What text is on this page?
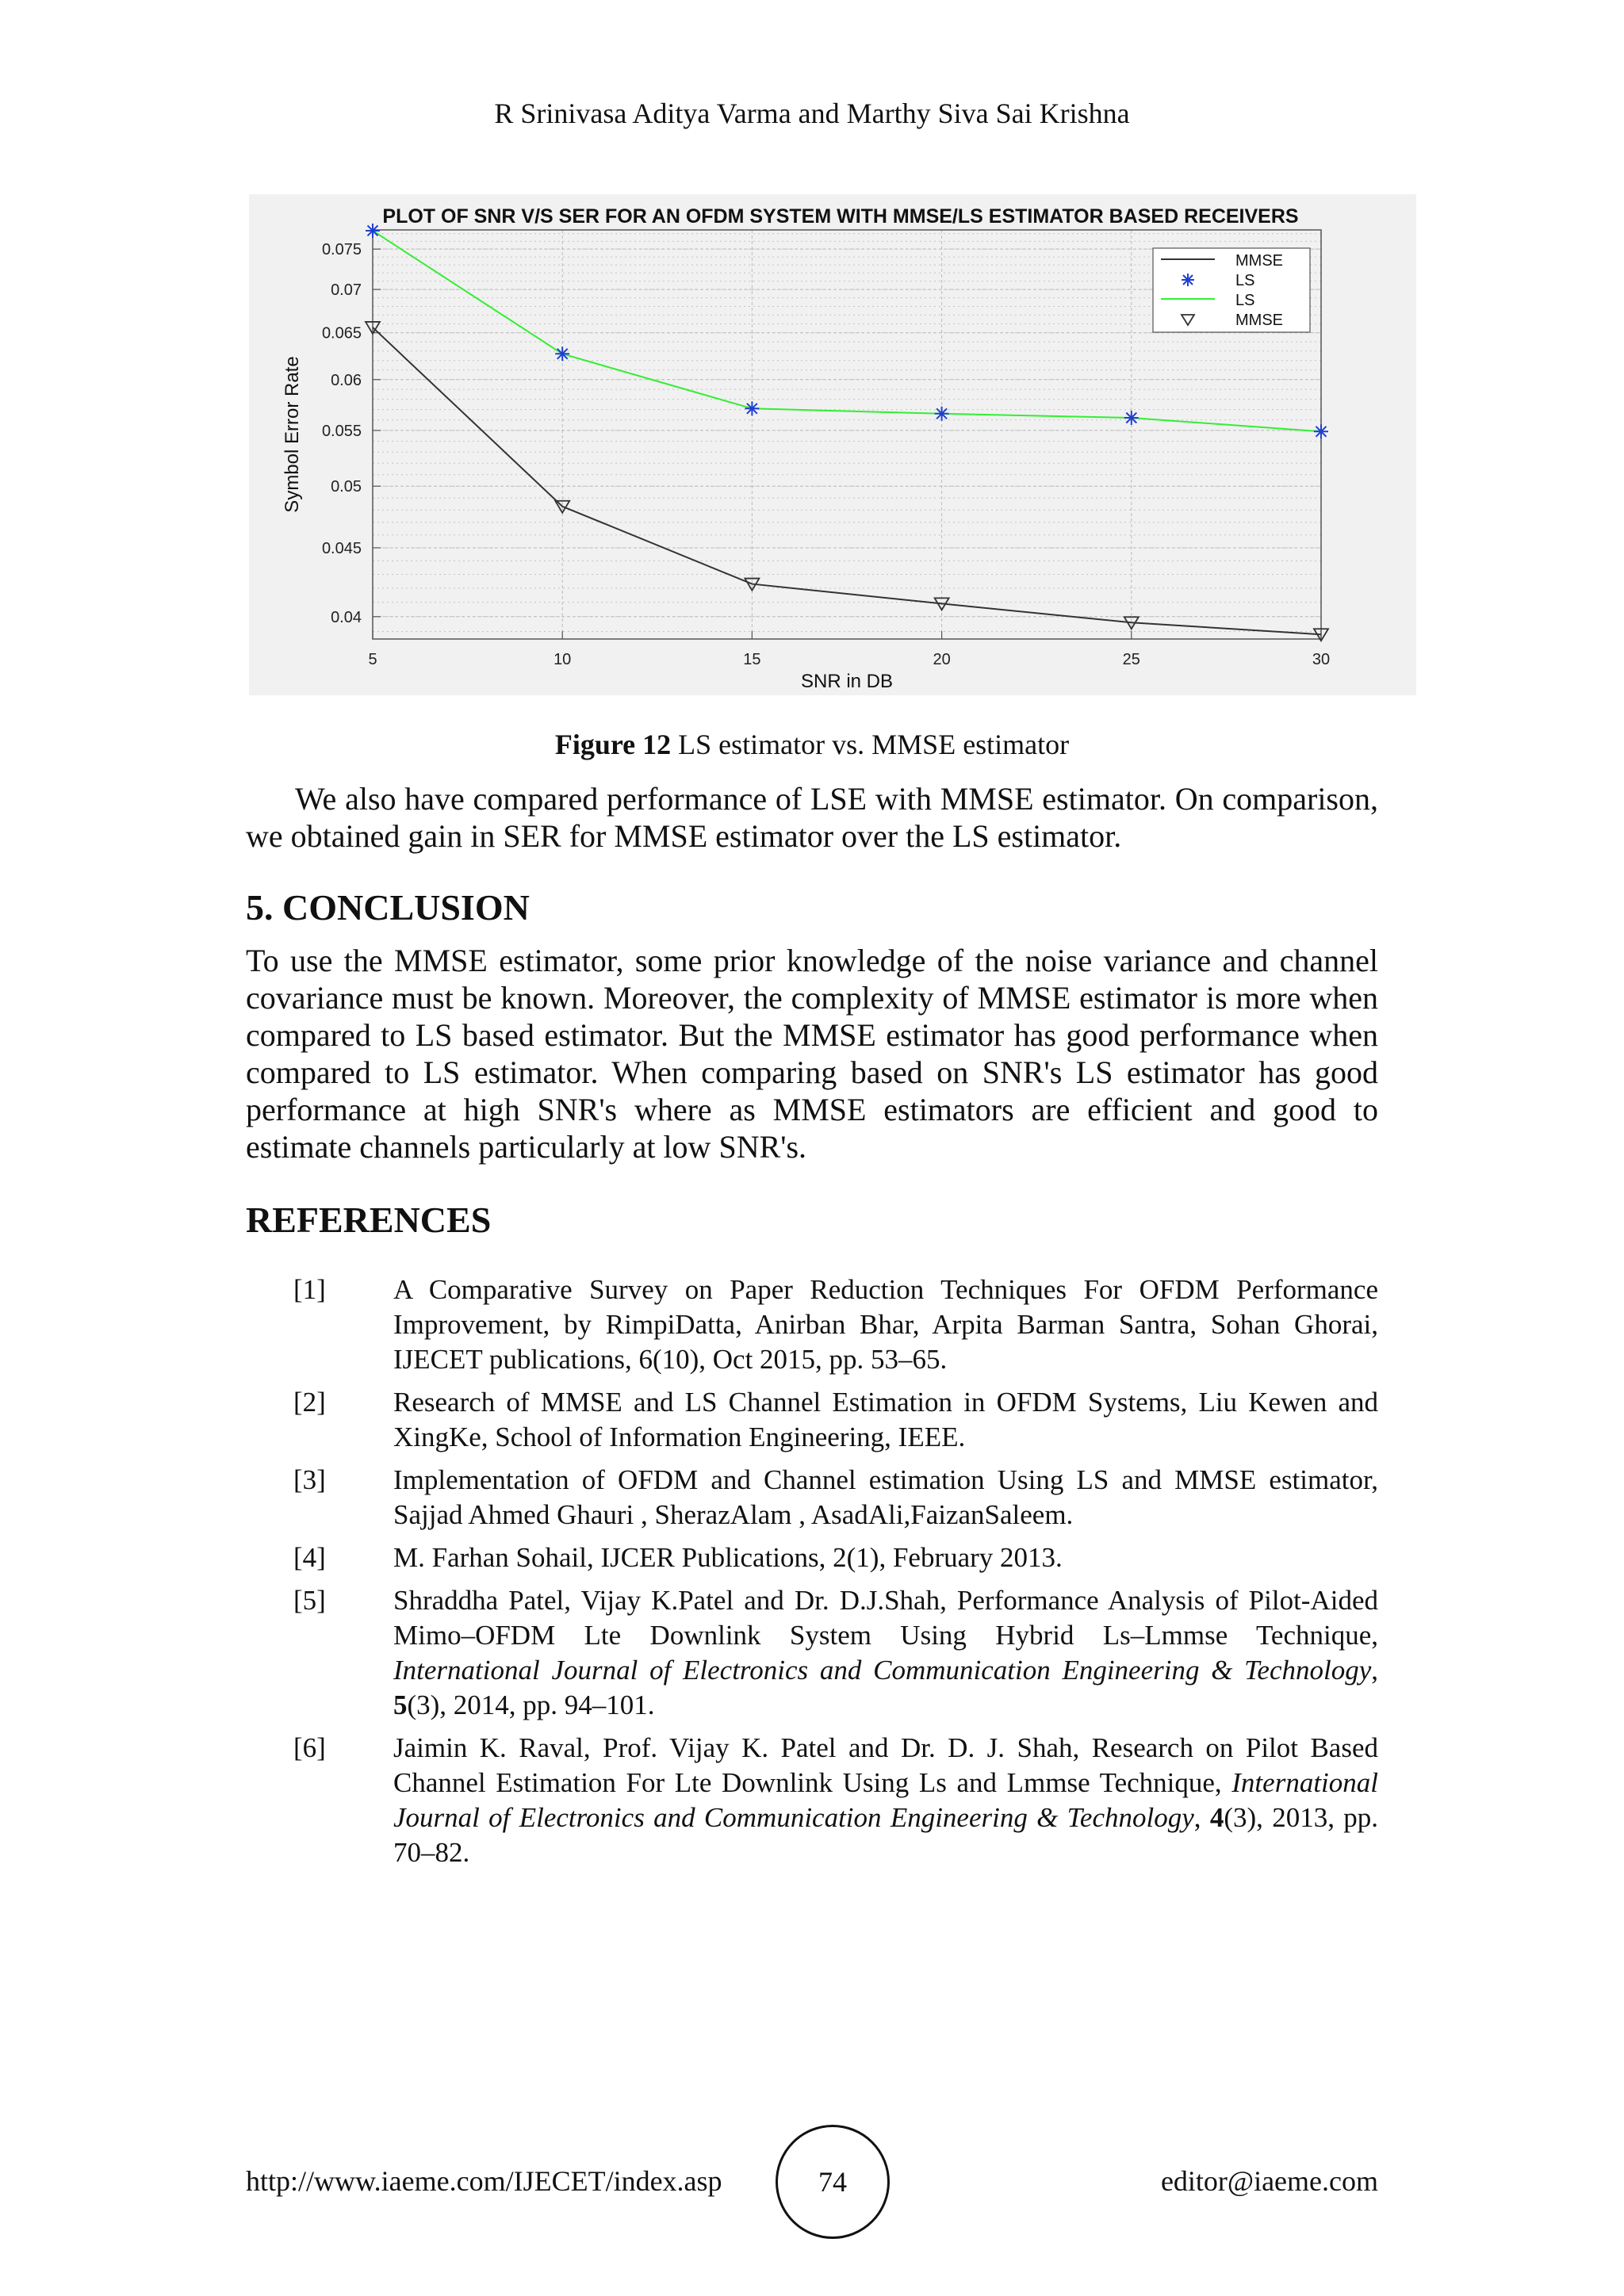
R Srinivasa Aditya Varma and Marthy Siva Sai Krishna
0.04
0.045
0.05
0.055
0.06
0.065
0.07
0.075
5	10	15	20	25	30
PLOT OF SNR V/S SER FOR AN OFDM SYSTEM WITH MMSE/LS ESTIMATOR BASED RECEIVERS
SNR in DB
Symbol Error Rate
MMSE
LS
LS
MMSE
Figure 12 LS estimator vs. MMSE estimator
We also have compared performance of LSE with MMSE estimator. On comparison, we obtained gain in SER for MMSE estimator over the LS estimator.
5. CONCLUSION
To use the MMSE estimator, some prior knowledge of the noise variance and channel covariance must be known. Moreover, the complexity of MMSE estimator is more when compared to LS based estimator. But the MMSE estimator has good performance when compared to LS estimator. When comparing based on SNR's LS estimator has good performance at high SNR's where as MMSE estimators are efficient and good to estimate channels particularly at low SNR's.
REFERENCES
[1]	A Comparative Survey on Paper Reduction Techniques For OFDM Performance Improvement, by RimpiDatta, Anirban Bhar, Arpita Barman Santra, Sohan Ghorai, IJECET publications, 6(10), Oct 2015, pp. 53–65.
[2]	Research of MMSE and LS Channel Estimation in OFDM Systems, Liu Kewen and XingKe, School of Information Engineering, IEEE.
[3]	Implementation of OFDM and Channel estimation Using LS and MMSE estimator, Sajjad Ahmed Ghauri , SherazAlam , AsadAli,FaizanSaleem.
[4]	M. Farhan Sohail, IJCER Publications, 2(1), February 2013.
[5]	Shraddha Patel, Vijay K.Patel and Dr. D.J.Shah, Performance Analysis of Pilot-Aided Mimo–OFDM Lte Downlink System Using Hybrid Ls–Lmmse Technique, International Journal of Electronics and Communication Engineering & Technology, 5(3), 2014, pp. 94–101.
[6]	Jaimin K. Raval, Prof. Vijay K. Patel and Dr. D. J. Shah, Research on Pilot Based Channel Estimation For Lte Downlink Using Ls and Lmmse Technique, International Journal of Electronics and Communication Engineering & Technology, 4(3), 2013, pp. 70–82.
http://www.iaeme.com/IJECET/index.asp	74	editor@iaeme.com
